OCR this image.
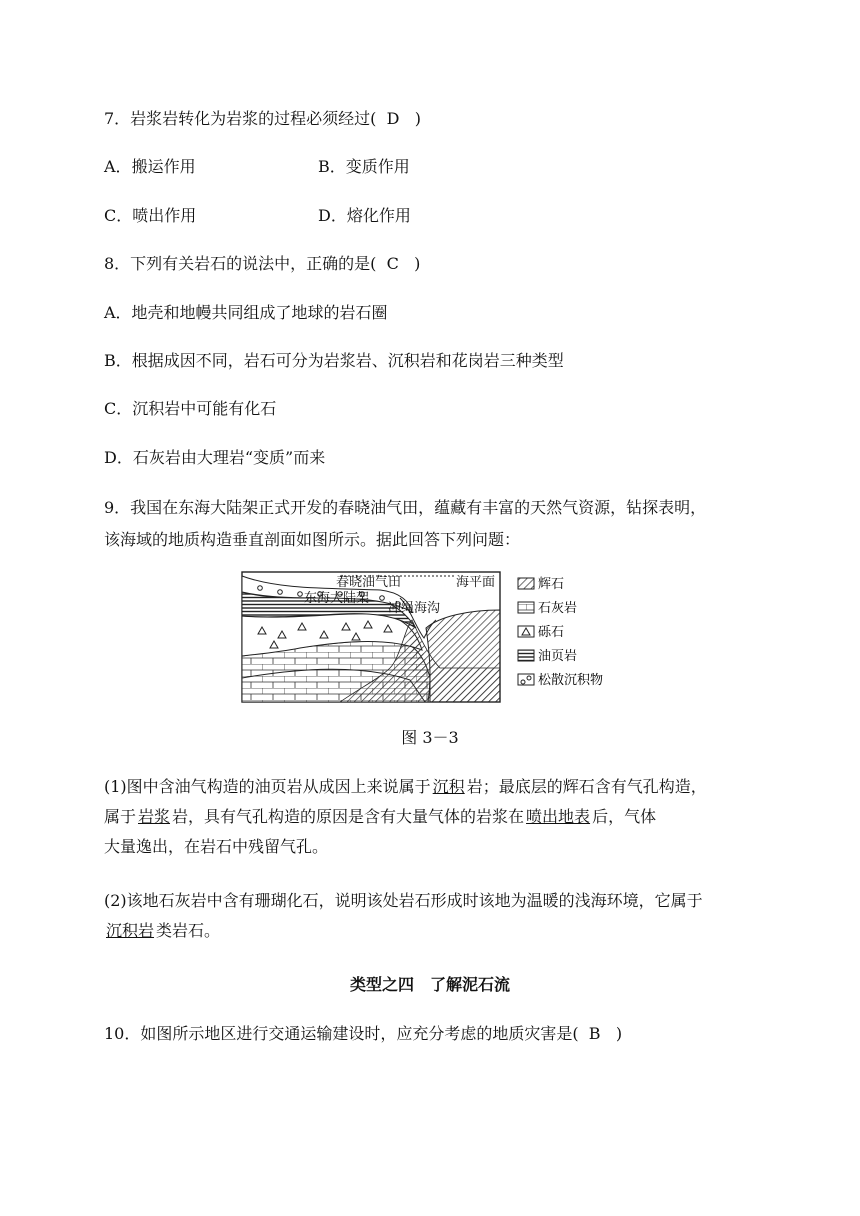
7．岩浆岩转化为岩浆的过程必须经过( D )
A．搬运作用	B．变质作用
C．喷出作用	D．熔化作用
8．下列有关岩石的说法中，正确的是( C )
A．地壳和地幔共同组成了地球的岩石圈
B．根据成因不同，岩石可分为岩浆岩、沉积岩和花岗岩三种类型
C．沉积岩中可能有化石
D．石灰岩由大理岩“变质”而来
9．我国在东海大陆架正式开发的春晓油气田，蕴藏有丰富的天然气资源，钻探表明，
该海域的地质构造垂直剖面如图所示。据此回答下列问题：
春晓油气田	海平面
东海大陆架
冲绳海沟
辉石
石灰岩
砾石
油页岩
松散沉积物
图 3－3
(1)图中含油气构造的油页岩从成因上来说属于 沉积 岩；最底层的辉石含有气孔构造，
属于 岩浆 岩，具有气孔构造的原因是含有大量气体的岩浆在 喷出地表 后，气体
大量逸出，在岩石中残留气孔。
(2)该地石灰岩中含有珊瑚化石，说明该处岩石形成时该地为温暖的浅海环境，它属于
沉积岩 类岩石。
类型之四　了解泥石流
10．如图所示地区进行交通运输建设时，应充分考虑的地质灾害是( B )
